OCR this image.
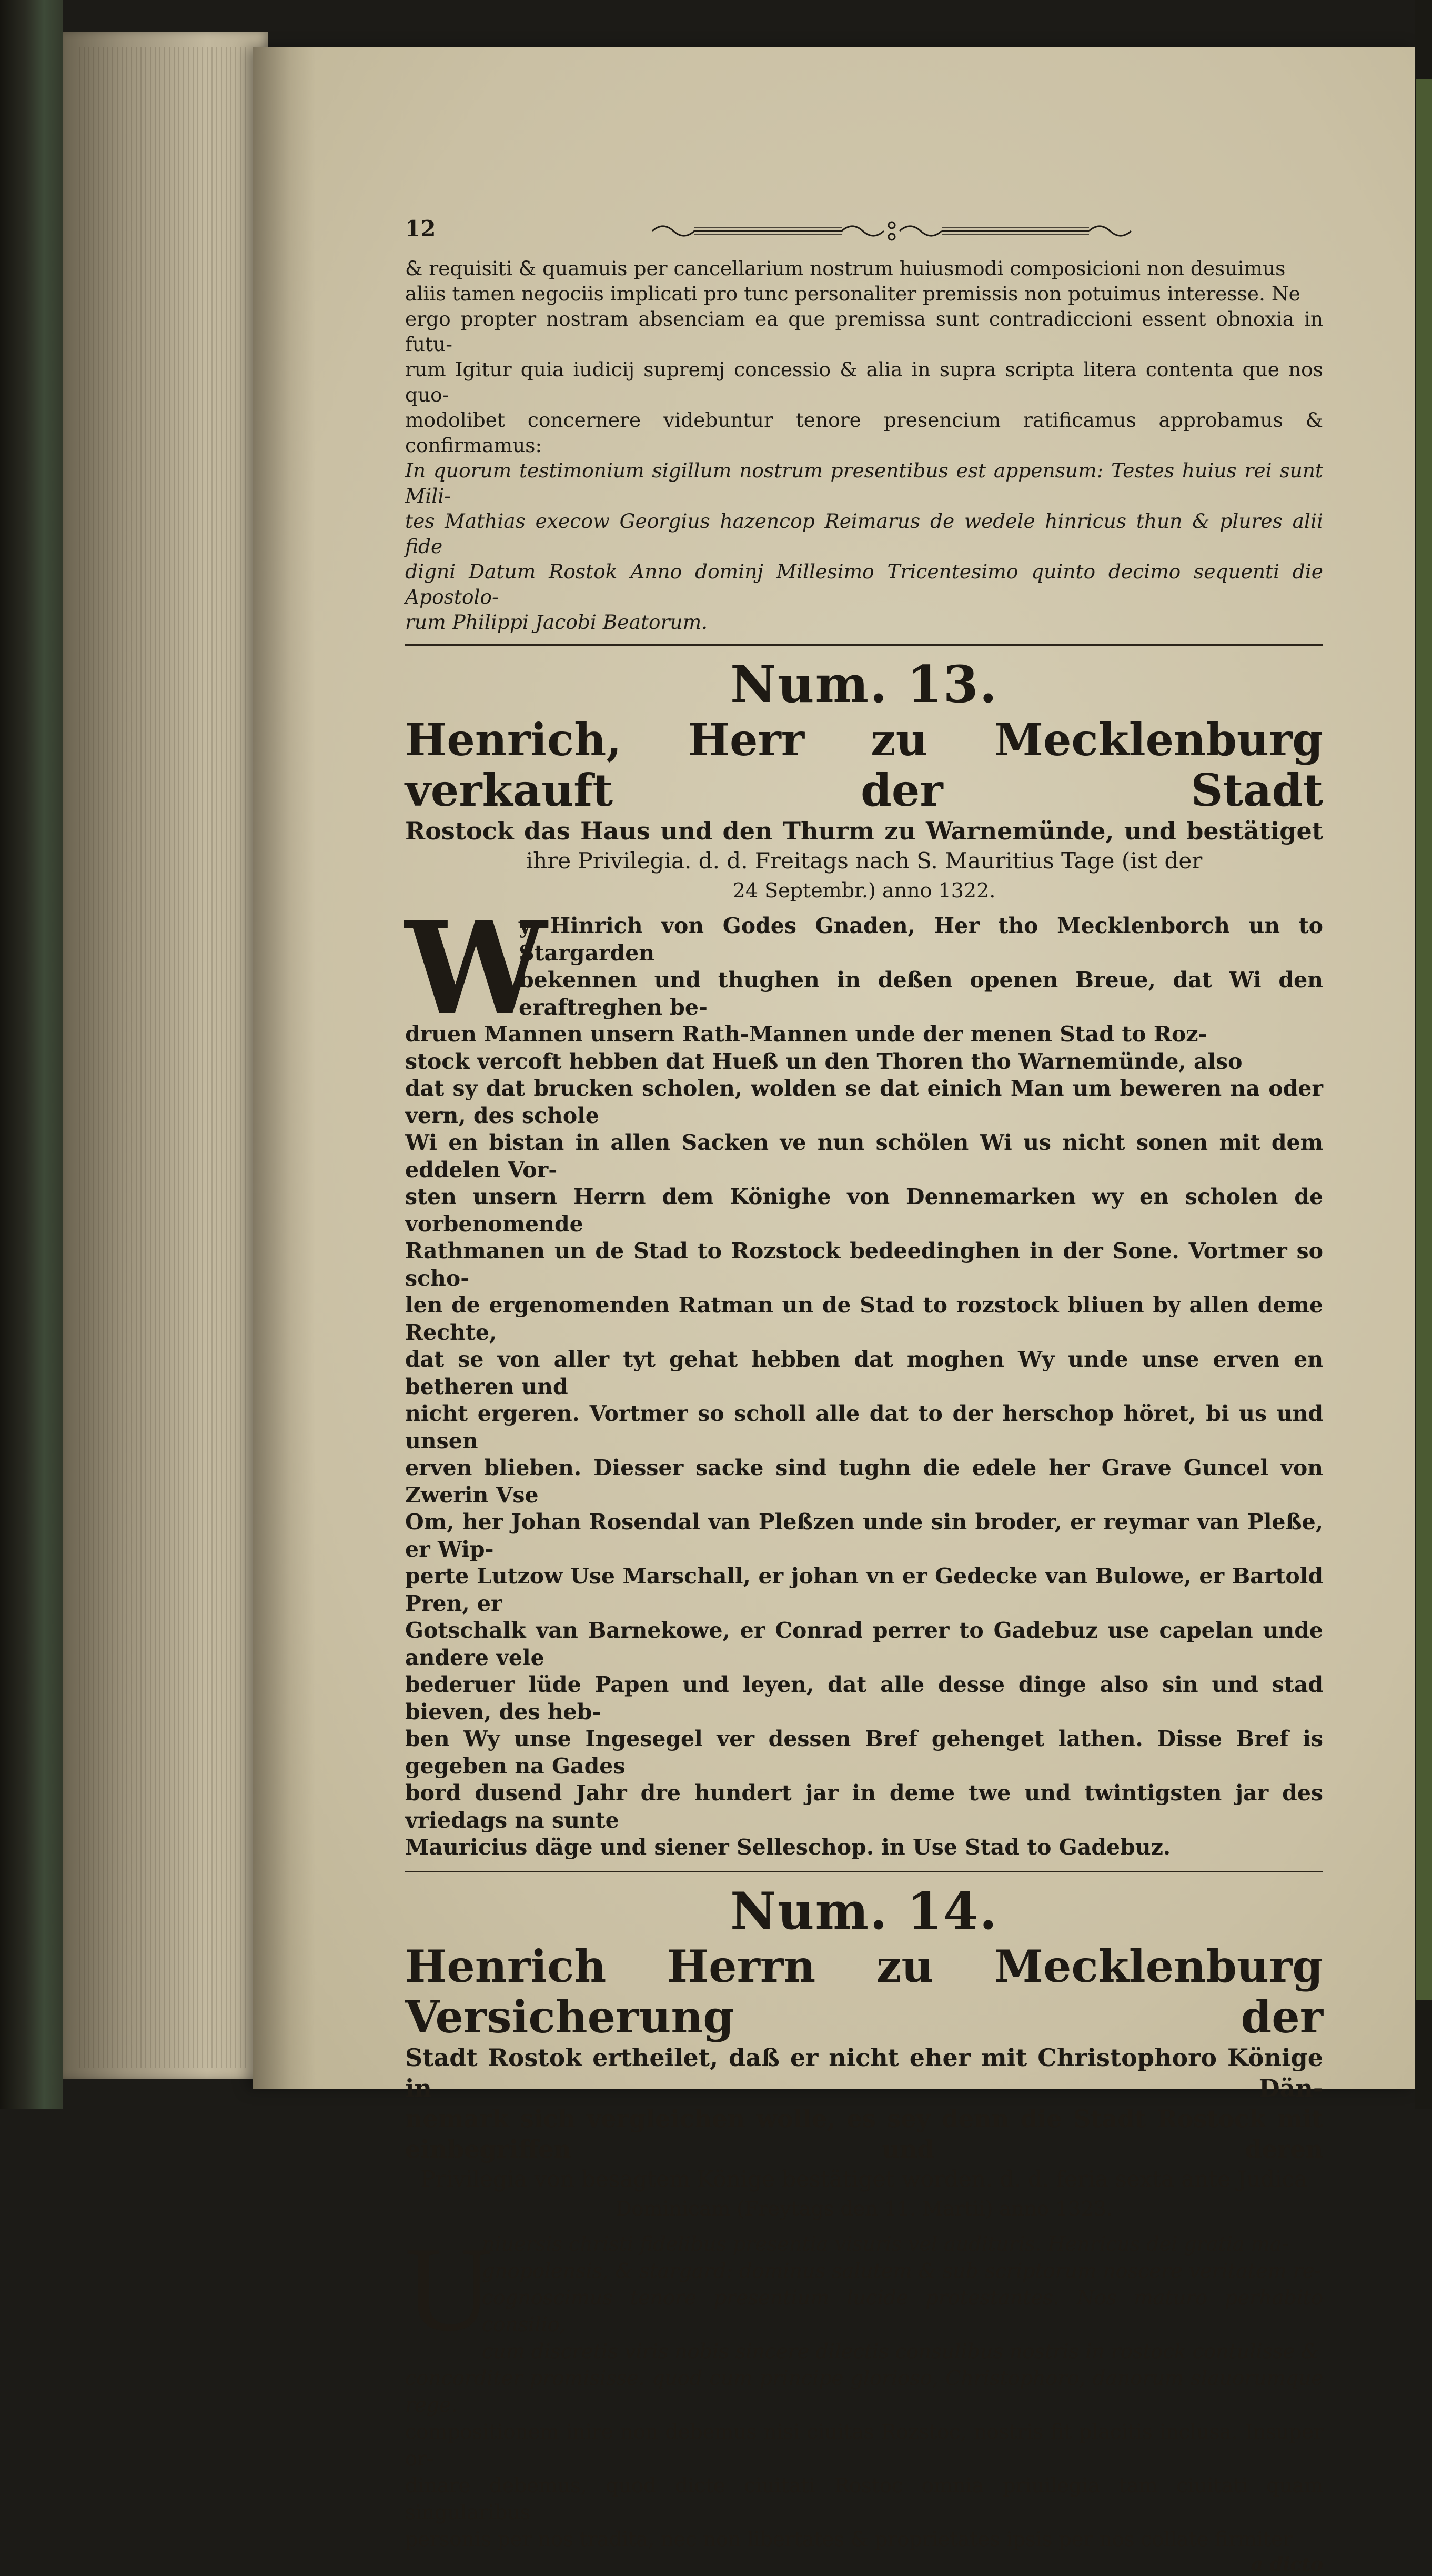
12

& requisiti & quamuis per cancellarium nostrum huiusmodi composicioni non desuimus

aliis tamen negociis implicati pro tunc personaliter premissis non potuimus interesse. Ne

ergo propter nostram absenciam ea que premissa sunt contradiccioni essent obnoxia in futu-

rum Igitur quia iudicij supremj concessio & alia in supra scripta litera contenta que nos quo-

modolibet concernere videbuntur tenore presencium ratificamus approbamus & confirmamus:

In quorum testimonium sigillum nostrum presentibus est appensum: Testes huius rei sunt Mili-

tes Mathias execow Georgius hazencop Reimarus de wedele hinricus thun & plures alii fide

digni Datum Rostok Anno dominj Millesimo Tricentesimo quinto decimo sequenti die Apostolo-

rum Philippi Jacobi Beatorum.

Num. 13.
Henrich, Herr zu Mecklenburg verkauft der Stadt
Rostock das Haus und den Thurm zu Warnemünde, und bestätiget
ihre Privilegia. d. d. Freitags nach S. Mauritius Tage (ist der
24 Septembr.) anno 1322.
W
y Hinrich von Godes Gnaden, Her tho Mecklenborch un to Stargarden
bekennen und thughen in deßen openen Breue, dat Wi den eraftreghen be-
druen Mannen unsern Rath-Mannen unde der menen Stad to Roz-
stock vercoft hebben dat Hueß un den Thoren tho Warnemünde, also
dat sy dat brucken scholen, wolden se dat einich Man um beweren na oder vern, des schole
Wi en bistan in allen Sacken ve nun schölen Wi us nicht sonen mit dem eddelen Vor-
sten unsern Herrn dem Könighe von Dennemarken wy en scholen de vorbenomende
Rathmanen un de Stad to Rozstock bedeedinghen in der Sone. Vortmer so scho-
len de ergenomenden Ratman un de Stad to rozstock bliuen by allen deme Rechte,
dat se von aller tyt gehat hebben dat moghen Wy unde unse erven en betheren und
nicht ergeren. Vortmer so scholl alle dat to der herschop höret, bi us und unsen
erven blieben. Diesser sacke sind tughn die edele her Grave Guncel von Zwerin Vse
Om, her Johan Rosendal van Pleßzen unde sin broder, er reymar van Pleße, er Wip-
perte Lutzow Use Marschall, er johan vn er Gedecke van Bulowe, er Bartold Pren, er
Gotschalk van Barnekowe, er Conrad perrer to Gadebuz use capelan unde andere vele
bederuer lüde Papen und leyen, dat alle desse dinge also sin und stad bieven, des heb-
ben Wy unse Ingesegel ver dessen Bref gehenget lathen. Disse Bref is gegeben na Gades
bord dusend Jahr dre hundert jar in deme twe und twintigsten jar des vriedags na sunte
Mauricius däge und siener Selleschop. in Use Stad to Gadebuz.
Num. 14.
Henrich Herrn zu Mecklenburg Versicherung der
Stadt Rostok ertheilet, daß er nicht eher mit Christophoro Könige in Dän-
nemark sich vergleichen wolle, es sey denn die Stadt Rostock mit einbegriffen und deren
Privilegia von besagtem Könige bestätiget worden. d. d. feria sexta ante Judica
Dominicam (Freytags den 11. Martii) anno 1323.
U
niuersis christi fidelibus presentia visuris vel audituris. Henricus dei gratia ma-
gnopolensis, & stargard: dominus salutem & sub scriptorum noscere veritatem re-
cognoscimus tenore presentium lucide protestantes. Nos maturo perhabito consilio,
cum discretis viris nobis sincere dilectis consulibus nostris in rostock contulisse &
concorditer promisisse. quod cum principe glorioso, Christophoro, danorum slauorumque rege.
compositionem inire non debemus nisi ciuitas Rozstoc, nostris fit placitis inclusa. Insuper or-
dinare debemus, quod dicte ciuitati Rostoc omnia priuilegia tam ciuitati quam singularibus
personis per nos tradita, nec non libertates & proprietates ipsis per nos collate firmiter
a dicto
